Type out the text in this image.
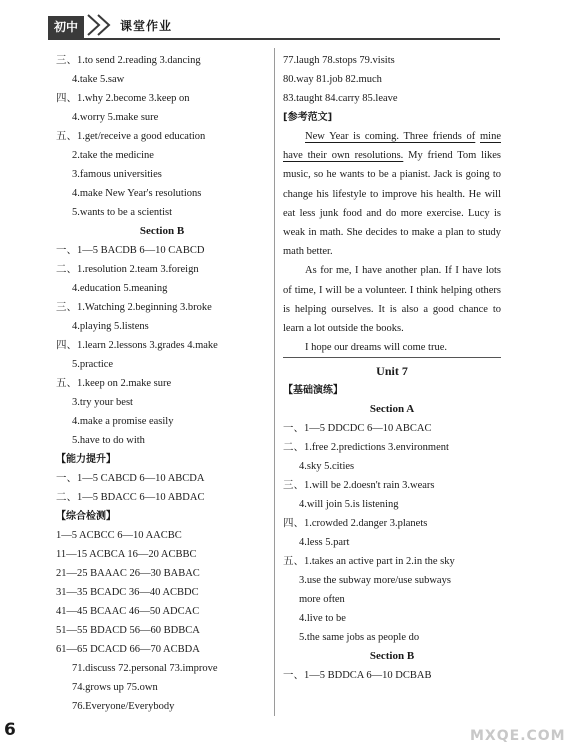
初中	课堂作业
三、1.to send 2.reading 3.dancing
4.take 5.saw
四、1.why 2.become 3.keep on
4.worry 5.make sure
五、1.get/receive a good education
2.take the medicine
3.famous universities
4.make New Year's resolutions
5.wants to be a scientist
Section B
一、1—5 BACDB 6—10 CABCD
二、1.resolution 2.team 3.foreign
4.education 5.meaning
三、1.Watching 2.beginning 3.broke
4.playing 5.listens
四、1.learn 2.lessons 3.grades 4.make
5.practice
五、1.keep on 2.make sure
3.try your best
4.make a promise easily
5.have to do with
【能力提升】
一、1—5 CABCD 6—10 ABCDA
二、1—5 BDACC 6—10 ABDAC
【综合检测】
1—5 ACBCC 6—10 AACBC
11—15 ACBCA 16—20 ACBBC
21—25 BAAAC 26—30 BABAC
31—35 BCADC 36—40 ACBDC
41—45 BCAAC 46—50 ADCAC
51—55 BDACD 56—60 BDBCA
61—65 DCACD 66—70 ACBDA
71.discuss 72.personal 73.improve
74.grows up 75.own
76.Everyone/Everybody
77.laugh 78.stops 79.visits
80.way 81.job 82.much
83.taught 84.carry 85.leave
[参考范文]

New Year is coming. Three friends of mine have their own resolutions. My friend Tom likes music, so he wants to be a pianist. Jack is going to change his lifestyle to improve his health. He will eat less junk food and do more exercise. Lucy is weak in math. She decides to make a plan to study math better.

As for me, I have another plan. If I have lots of time, I will be a volunteer. I think helping others is helping ourselves. It is also a good chance to learn a lot outside the books.

I hope our dreams will come true.

Unit 7
【基础演练】
Section A
一、1—5 DDCDC 6—10 ABCAC
二、1.free 2.predictions 3.environment
4.sky 5.cities
三、1.will be 2.doesn't rain 3.wears
4.will join 5.is listening
四、1.crowded 2.danger 3.planets
4.less 5.part
五、1.takes an active part in 2.in the sky
3.use the subway more/use subways
more often
4.live to be
5.the same jobs as people do
Section B
一、1—5 BDDCA 6—10 DCBAB
6	MXQE.COM
